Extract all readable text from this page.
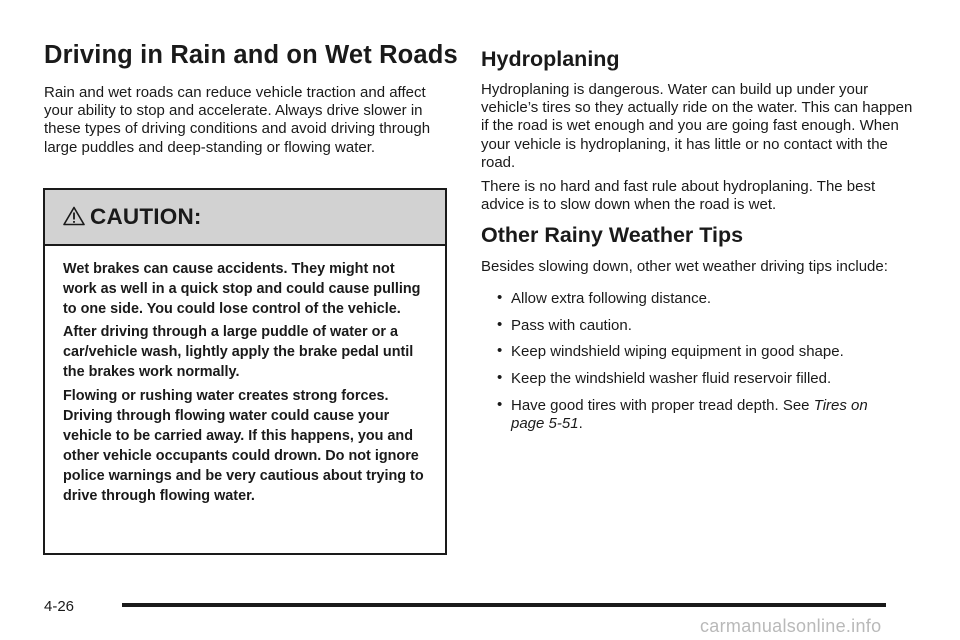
Driving in Rain and on Wet Roads

Rain and wet roads can reduce vehicle traction and affect your ability to stop and accelerate. Always drive slower in these types of driving conditions and avoid driving through large puddles and deep-standing or flowing water.

CAUTION:

Wet brakes can cause accidents. They might not work as well in a quick stop and could cause pulling to one side. You could lose control of the vehicle.

After driving through a large puddle of water or a car/vehicle wash, lightly apply the brake pedal until the brakes work normally.

Flowing or rushing water creates strong forces. Driving through flowing water could cause your vehicle to be carried away. If this happens, you and other vehicle occupants could drown. Do not ignore police warnings and be very cautious about trying to drive through flowing water.

Hydroplaning

Hydroplaning is dangerous. Water can build up under your vehicle’s tires so they actually ride on the water. This can happen if the road is wet enough and you are going fast enough. When your vehicle is hydroplaning, it has little or no contact with the road.

There is no hard and fast rule about hydroplaning. The best advice is to slow down when the road is wet.

Other Rainy Weather Tips

Besides slowing down, other wet weather driving tips include:

• Allow extra following distance.
• Pass with caution.
• Keep windshield wiping equipment in good shape.
• Keep the windshield washer fluid reservoir filled.
• Have good tires with proper tread depth. See Tires on page 5-51.
4-26
carmanualsonline.info
